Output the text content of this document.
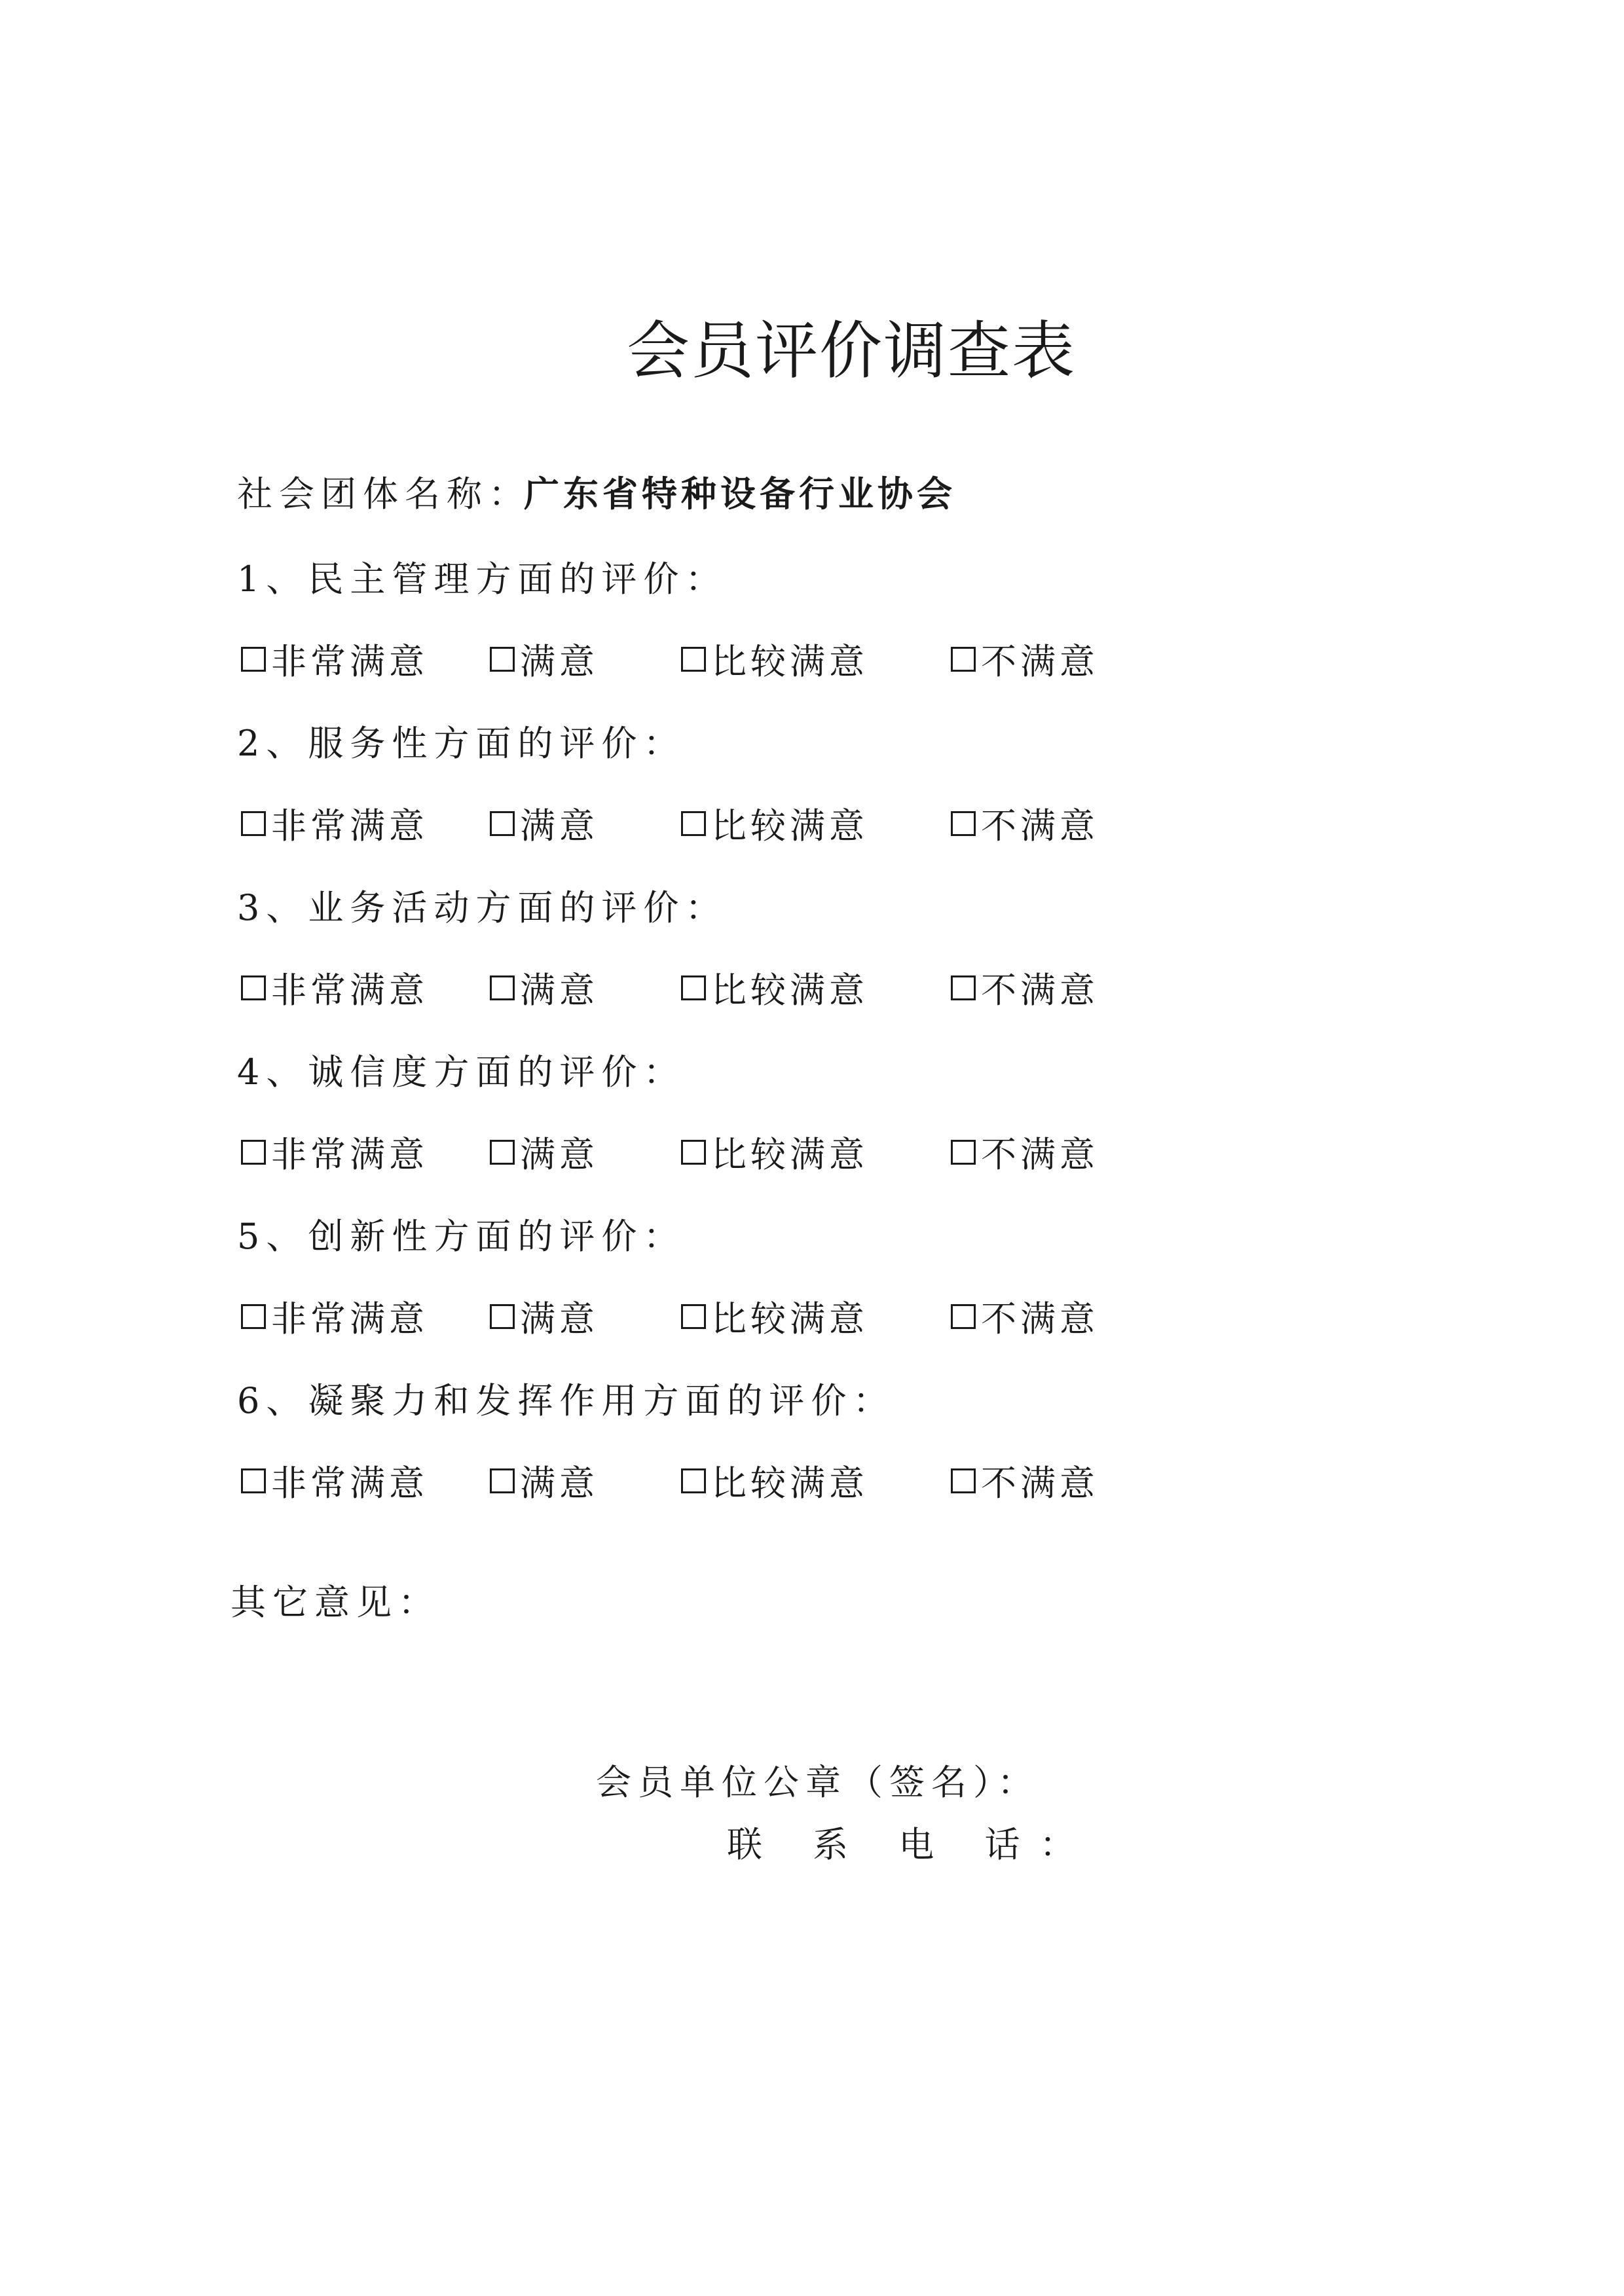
会员评价调查表
社会团体名称：
广东省特种设备行业协会
1、民主管理方面的评价：
非常满意	满意	比较满意	不满意
2、服务性方面的评价：
非常满意	满意	比较满意	不满意
3、业务活动方面的评价：
非常满意	满意	比较满意	不满意
4、诚信度方面的评价：
非常满意	满意	比较满意	不满意
5、创新性方面的评价：
非常满意	满意	比较满意	不满意
6、凝聚力和发挥作用方面的评价：
非常满意	满意	比较满意	不满意
其它意见：
会员单位公章（签名）：
联 系 电 话：
